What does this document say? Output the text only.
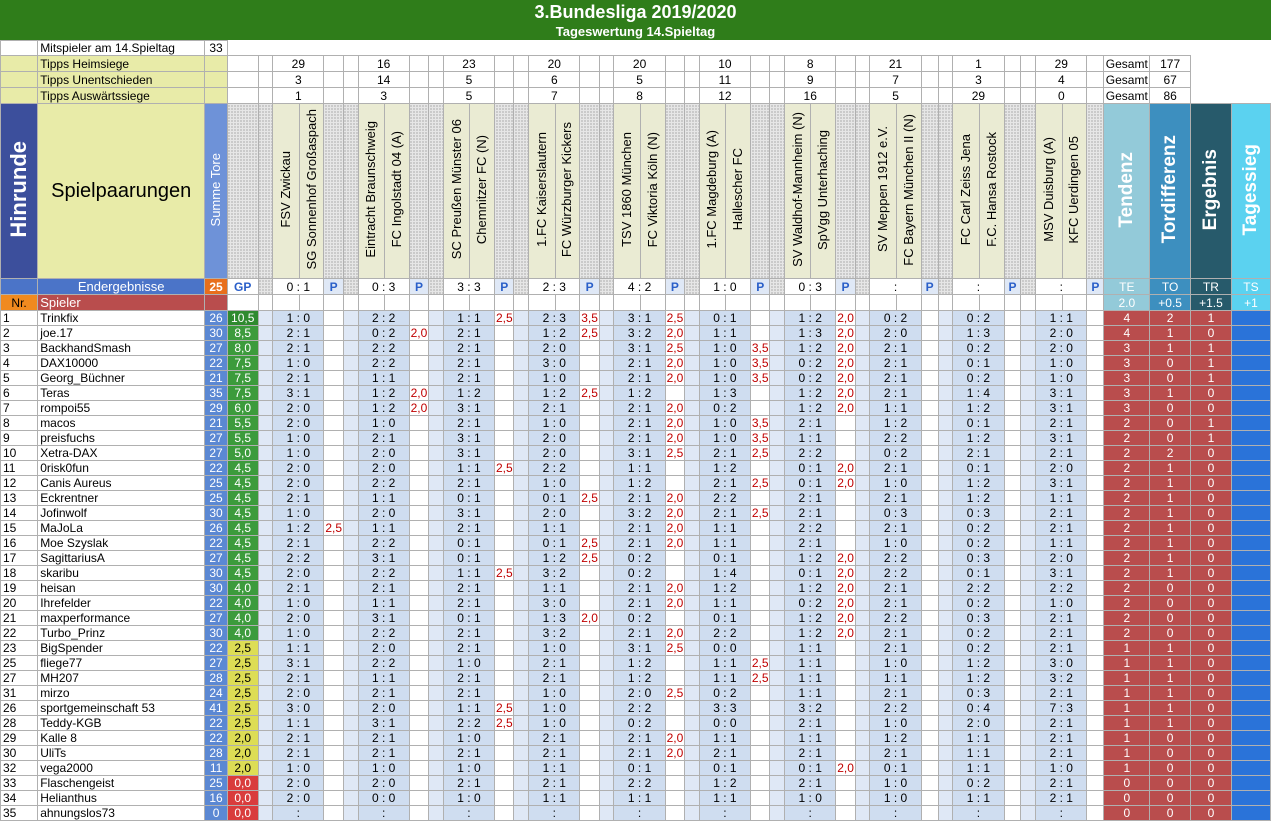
3.Bundesliga 2019/2020
Tageswertung 14.Spieltag
	Mitspieler am 14.Spieltag	33																																													
	Tipps Heimsiege				29				16				23				20				20				10				8				21				1				29			Gesamt	177		
	Tipps Unentschieden				3				14				5				6				5				11				9				7				3				4			Gesamt	67		
	Tipps Auswärtssiege				1				3				5				7				8				12				16				5				29				0			Gesamt	86		
Hinrunde	Spielpaarungen	Summe Tore			FSV Zwickau	SG Sonnenhof Großaspach			Eintracht Braunschweig	FC Ingolstadt 04 (A)			SC Preußen Münster 06	Chemnitzer FC (N)			1.FC Kaiserslautern	FC Würzburger Kickers			TSV 1860 München	FC Viktoria Köln (N)			1.FC Magdeburg (A)	Hallescher FC			SV Waldhof-Mannheim (N)	SpVgg Unterhaching			SV Meppen 1912 e.V.	FC Bayern München II (N)			FC Carl Zeiss Jena	F.C. Hansa Rostock			MSV Duisburg (A)	KFC Uerdingen 05		Tendenz	Tordifferenz	Ergebnis	Tagessieg
	Endergebnisse	25	GP		0 : 1		P		0 : 3		P		3 : 3		P		2 : 3		P		4 : 2		P		1 : 0		P		0 : 3		P		:		P		:		P		:		P	TE	TO	TR	TS
Nr.	Spieler																																											2.0	+0.5	+1.5	+1
1	Trinkfix	26	10,5		1 : 0				2 : 2				1 : 1		2,5		2 : 3		3,5		3 : 1		2,5		0 : 1				1 : 2		2,0		0 : 2				0 : 2				1 : 1			4	2	1	
2	joe.17	30	8,5		2 : 1				0 : 2		2,0		2 : 1				1 : 2		2,5		3 : 2		2,0		1 : 1				1 : 3		2,0		2 : 0				1 : 3				2 : 0			4	1	0	
3	BackhandSmash	27	8,0		2 : 1				2 : 2				2 : 1				2 : 0				3 : 1		2,5		1 : 0		3,5		1 : 2		2,0		2 : 1				0 : 2				2 : 0			3	1	1	
4	DAX10000	22	7,5		1 : 0				2 : 2				2 : 1				3 : 0				2 : 1		2,0		1 : 0		3,5		0 : 2		2,0		2 : 1				0 : 1				1 : 0			3	0	1	
5	Georg_Büchner	21	7,5		2 : 1				1 : 1				2 : 1				1 : 0				2 : 1		2,0		1 : 0		3,5		0 : 2		2,0		2 : 1				0 : 2				1 : 0			3	0	1	
6	Teras	35	7,5		3 : 1				1 : 2		2,0		1 : 2				1 : 2		2,5		1 : 2				1 : 3				1 : 2		2,0		2 : 1				1 : 4				3 : 1			3	1	0	
7	rompoi55	29	6,0		2 : 0				1 : 2		2,0		3 : 1				2 : 1				2 : 1		2,0		0 : 2				1 : 2		2,0		1 : 1				1 : 2				3 : 1			3	0	0	
8	macos	21	5,5		2 : 0				1 : 0				2 : 1				1 : 0				2 : 1		2,0		1 : 0		3,5		2 : 1				1 : 2				0 : 1				2 : 1			2	0	1	
9	preisfuchs	27	5,5		1 : 0				2 : 1				3 : 1				2 : 0				2 : 1		2,0		1 : 0		3,5		1 : 1				2 : 2				1 : 2				3 : 1			2	0	1	
10	Xetra-DAX	27	5,0		1 : 0				2 : 0				3 : 1				2 : 0				3 : 1		2,5		2 : 1		2,5		2 : 2				0 : 2				2 : 1				2 : 1			2	2	0	
11	0risk0fun	22	4,5		2 : 0				2 : 0				1 : 1		2,5		2 : 2				1 : 1				1 : 2				0 : 1		2,0		2 : 1				0 : 1				2 : 0			2	1	0	
12	Canis Aureus	25	4,5		2 : 0				2 : 2				2 : 1				1 : 0				1 : 2				2 : 1		2,5		0 : 1		2,0		1 : 0				1 : 2				3 : 1			2	1	0	
13	Eckrentner	25	4,5		2 : 1				1 : 1				0 : 1				0 : 1		2,5		2 : 1		2,0		2 : 2				2 : 1				2 : 1				1 : 2				1 : 1			2	1	0	
14	Jofinwolf	30	4,5		1 : 0				2 : 0				3 : 1				2 : 0				3 : 2		2,0		2 : 1		2,5		2 : 1				0 : 3				0 : 3				2 : 1			2	1	0	
15	MaJoLa	26	4,5		1 : 2		2,5		1 : 1				2 : 1				1 : 1				2 : 1		2,0		1 : 1				2 : 2				2 : 1				0 : 2				2 : 1			2	1	0	
16	Moe Szyslak	22	4,5		2 : 1				2 : 2				0 : 1				0 : 1		2,5		2 : 1		2,0		1 : 1				2 : 1				1 : 0				0 : 2				1 : 1			2	1	0	
17	SagittariusA	27	4,5		2 : 2				3 : 1				0 : 1				1 : 2		2,5		0 : 2				0 : 1				1 : 2		2,0		2 : 2				0 : 3				2 : 0			2	1	0	
18	skaribu	30	4,5		2 : 0				2 : 2				1 : 1		2,5		3 : 2				0 : 2				1 : 4				0 : 1		2,0		2 : 2				0 : 1				3 : 1			2	1	0	
19	heisan	30	4,0		2 : 1				2 : 1				2 : 1				1 : 1				2 : 1		2,0		1 : 2				1 : 2		2,0		2 : 1				2 : 2				2 : 2			2	0	0	
20	Ihrefelder	22	4,0		1 : 0				1 : 1				2 : 1				3 : 0				2 : 1		2,0		1 : 1				0 : 2		2,0		2 : 1				0 : 2				1 : 0			2	0	0	
21	maxperformance	27	4,0		2 : 0				3 : 1				0 : 1				1 : 3		2,0		0 : 2				0 : 1				1 : 2		2,0		2 : 2				0 : 3				2 : 1			2	0	0	
22	Turbo_Prinz	30	4,0		1 : 0				2 : 2				2 : 1				3 : 2				2 : 1		2,0		2 : 2				1 : 2		2,0		2 : 1				0 : 2				2 : 1			2	0	0	
23	BigSpender	22	2,5		1 : 1				2 : 0				2 : 1				1 : 0				3 : 1		2,5		0 : 0				1 : 1				2 : 1				0 : 2				2 : 1			1	1	0	
25	fliege77	27	2,5		3 : 1				2 : 2				1 : 0				2 : 1				1 : 2				1 : 1		2,5		1 : 1				1 : 0				1 : 2				3 : 0			1	1	0	
27	MH207	28	2,5		2 : 1				1 : 1				2 : 1				2 : 1				1 : 2				1 : 1		2,5		1 : 1				1 : 1				1 : 2				3 : 2			1	1	0	
31	mirzo	24	2,5		2 : 0				2 : 1				2 : 1				1 : 0				2 : 0		2,5		0 : 2				1 : 1				2 : 1				0 : 3				2 : 1			1	1	0	
26	sportgemeinschaft 53	41	2,5		3 : 0				2 : 0				1 : 1		2,5		1 : 0				2 : 2				3 : 3				3 : 2				2 : 2				0 : 4				7 : 3			1	1	0	
28	Teddy-KGB	22	2,5		1 : 1				3 : 1				2 : 2		2,5		1 : 0				0 : 2				0 : 0				2 : 1				1 : 0				2 : 0				2 : 1			1	1	0	
29	Kalle 8	22	2,0		2 : 1				2 : 1				1 : 0				2 : 1				2 : 1		2,0		1 : 1				1 : 1				1 : 2				1 : 1				2 : 1			1	0	0	
30	UliTs	28	2,0		2 : 1				2 : 1				2 : 1				2 : 1				2 : 1		2,0		2 : 1				2 : 1				2 : 1				1 : 1				2 : 1			1	0	0	
32	vega2000	11	2,0		1 : 0				1 : 0				1 : 0				1 : 1				0 : 1				0 : 1				0 : 1		2,0		0 : 1				1 : 1				1 : 0			1	0	0	
33	Flaschengeist	25	0,0		2 : 0				2 : 0				2 : 1				2 : 1				2 : 2				1 : 2				2 : 1				1 : 0				0 : 2				2 : 1			0	0	0	
34	Helianthus	16	0,0		2 : 0				0 : 0				1 : 0				1 : 1				1 : 1				1 : 1				1 : 0				1 : 0				1 : 1				2 : 1			0	0	0	
35	ahnungslos73	0	0,0		:				:				:				:				:				:				:				:				:				:			0	0	0	
